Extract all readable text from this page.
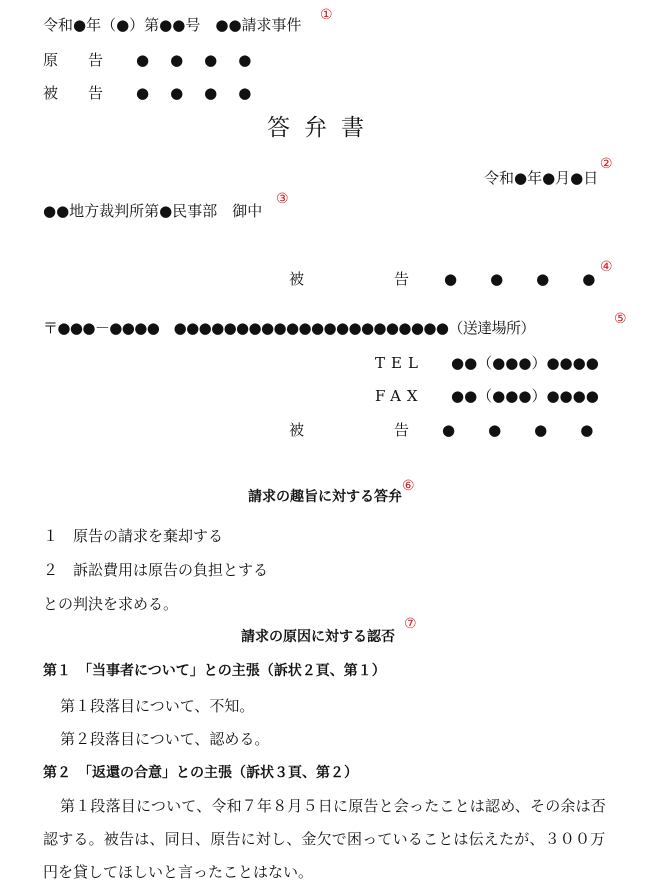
令和●年（●）第●●号　●●請求事件
①
原　　告 ●　●　●　●
被　　告 ●　●　●　●
答弁書
令和●年●月●日
②
●●地方裁判所第●民事部　御中
③
被　　　　告 ●　●　●　●
④
〒●●●－●●●●　●●●●●●●●●●●●●●●●●●●●●●（送達場所）	⑤
TEL ●●（●●●）●●●●
FAX ●●（●●●）●●●●
被　　　　告 ●　●　●　●
請求の趣旨に対する答弁
⑥
１　原告の請求を棄却する
２　訴訟費用は原告の負担とする
との判決を求める。
請求の原因に対する認否
⑦
第１　「当事者について」との主張（訴状２頁、第１）
第１段落目について、不知。
第２段落目について、認める。
第２　「返還の合意」との主張（訴状３頁、第２）
第１段落目について、令和７年８月５日に原告と会ったことは認め、その余は否
認する。被告は、同日、原告に対し、金欠で困っていることは伝えたが、３００万
円を貸してほしいと言ったことはない。
